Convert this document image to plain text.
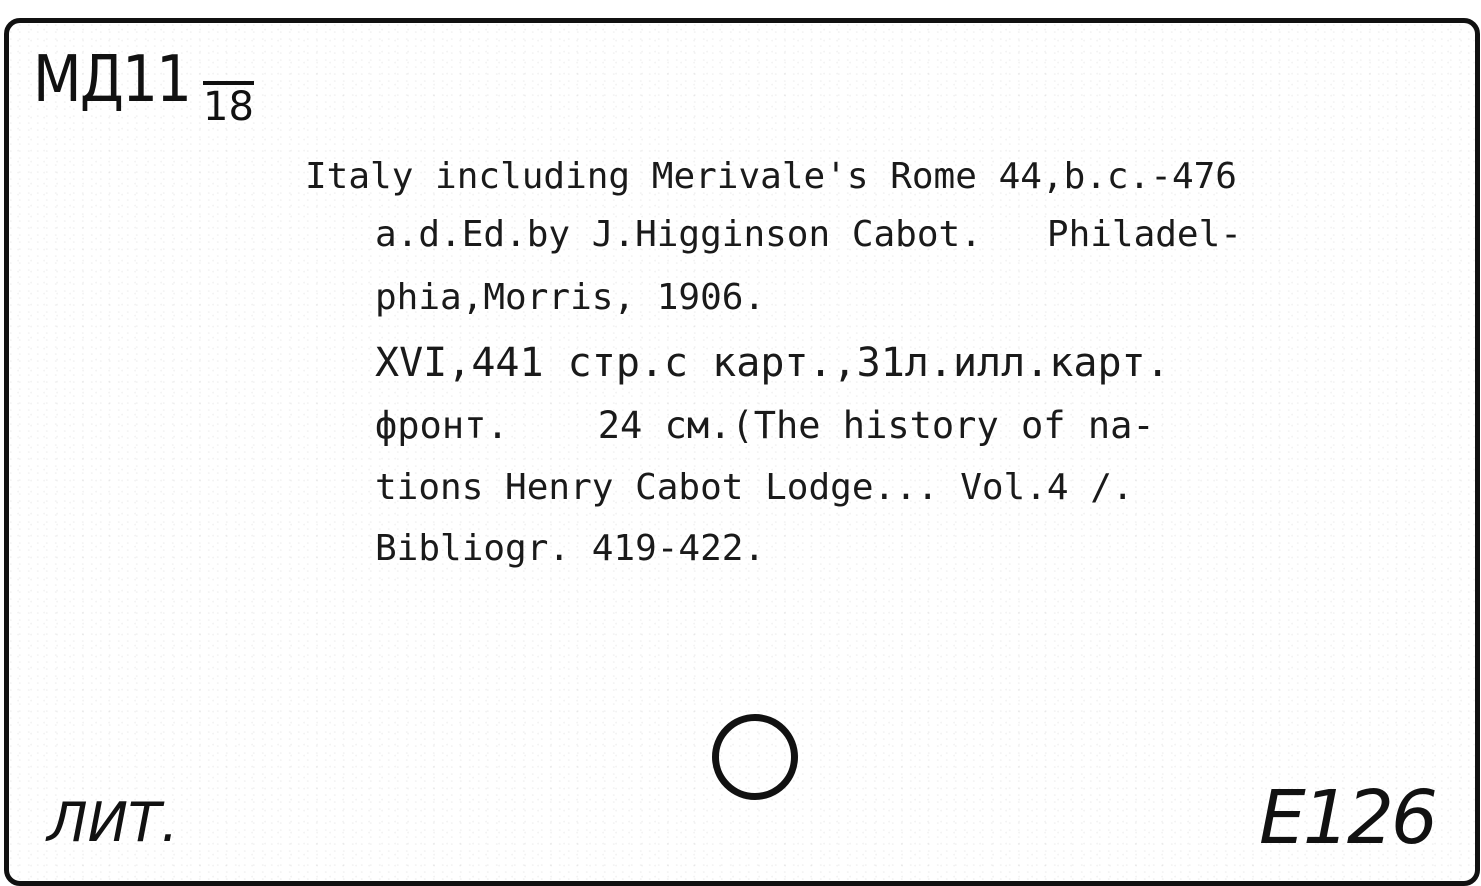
МД11 18
Italy including Merivale's Rome 44,b.c.-476
a.d.Ed.by J.Higginson Cabot.   Philadel-
phia,Morris, 1906.
XVI,441 стр.с карт.,31л.илл.карт.
фронт.    24 см.(The history of na-
tions Henry Cabot Lodge... Vol.4 /.
Bibliogr. 419-422.
ЛИТ.	E126
